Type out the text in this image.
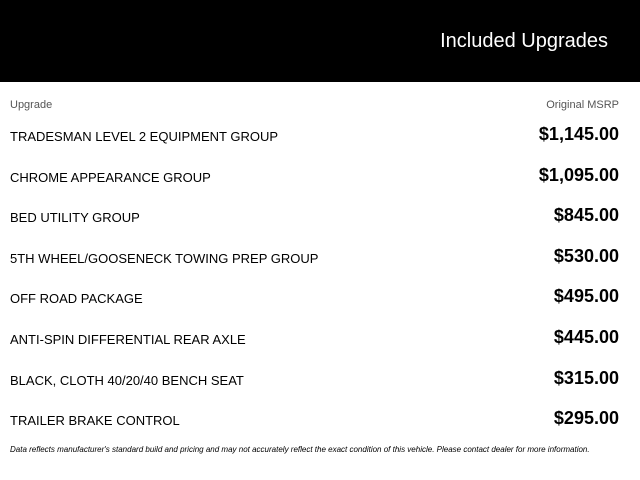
Included Upgrades
Upgrade	Original MSRP
TRADESMAN LEVEL 2 EQUIPMENT GROUP	$1,145.00
CHROME APPEARANCE GROUP	$1,095.00
BED UTILITY GROUP	$845.00
5TH WHEEL/GOOSENECK TOWING PREP GROUP	$530.00
OFF ROAD PACKAGE	$495.00
ANTI-SPIN DIFFERENTIAL REAR AXLE	$445.00
BLACK, CLOTH 40/20/40 BENCH SEAT	$315.00
TRAILER BRAKE CONTROL	$295.00
Data reflects manufacturer's standard build and pricing and may not accurately reflect the exact condition of this vehicle. Please contact dealer for more information.
